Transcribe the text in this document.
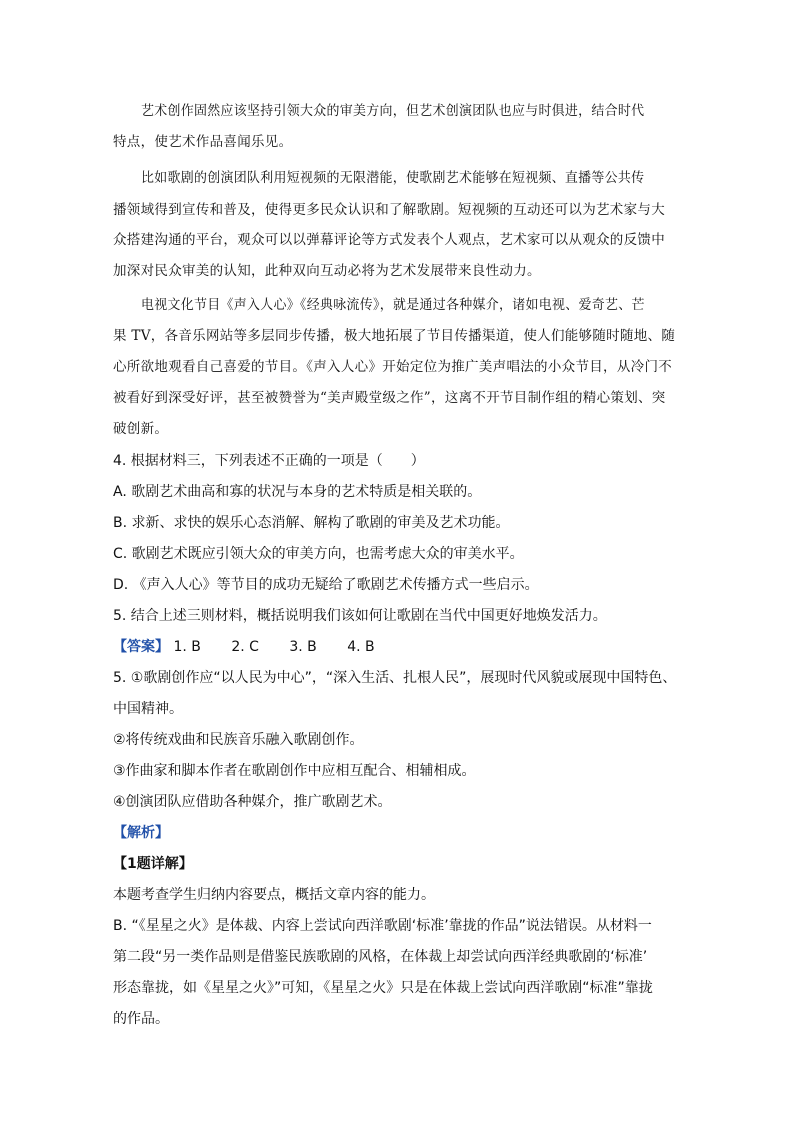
艺术创作固然应该坚持引领大众的审美方向，但艺术创演团队也应与时俱进，结合时代
特点，使艺术作品喜闻乐见。
比如歌剧的创演团队利用短视频的无限潜能，使歌剧艺术能够在短视频、直播等公共传
播领域得到宣传和普及，使得更多民众认识和了解歌剧。短视频的互动还可以为艺术家与大
众搭建沟通的平台，观众可以以弹幕评论等方式发表个人观点，艺术家可以从观众的反馈中
加深对民众审美的认知，此种双向互动必将为艺术发展带来良性动力。
电视文化节目《声入人心》《经典咏流传》，就是通过各种媒介，诸如电视、爱奇艺、芒
果 TV，各音乐网站等多层同步传播，极大地拓展了节目传播渠道，使人们能够随时随地、随
心所欲地观看自己喜爱的节目。《声入人心》开始定位为推广美声唱法的小众节目，从冷门不
被看好到深受好评，甚至被赞誉为“美声殿堂级之作”，这离不开节目制作组的精心策划、突
破创新。
4. 根据材料三，下列表述不正确的一项是（　　）
A. 歌剧艺术曲高和寡的状况与本身的艺术特质是相关联的。
B. 求新、求快的娱乐心态消解、解构了歌剧的审美及艺术功能。
C. 歌剧艺术既应引领大众的审美方向，也需考虑大众的审美水平。
D. 《声入人心》等节目的成功无疑给了歌剧艺术传播方式一些启示。
5. 结合上述三则材料，概括说明我们该如何让歌剧在当代中国更好地焕发活力。
【答案】 1. B 2. C 3. B 4. B
5. ①歌剧创作应“以人民为中心”，“深入生活、扎根人民”，展现时代风貌或展现中国特色、
中国精神。
②将传统戏曲和民族音乐融入歌剧创作。
③作曲家和脚本作者在歌剧创作中应相互配合、相辅相成。
④创演团队应借助各种媒介，推广歌剧艺术。
【解析】
【1题详解】
本题考查学生归纳内容要点，概括文章内容的能力。
B. “《星星之火》是体裁、内容上尝试向西洋歌剧‘标准’靠拢的作品”说法错误。从材料一
第二段“另一类作品则是借鉴民族歌剧的风格，在体裁上却尝试向西洋经典歌剧的‘标准’
形态靠拢，如《星星之火》”可知，《星星之火》只是在体裁上尝试向西洋歌剧“标准”靠拢
的作品。
